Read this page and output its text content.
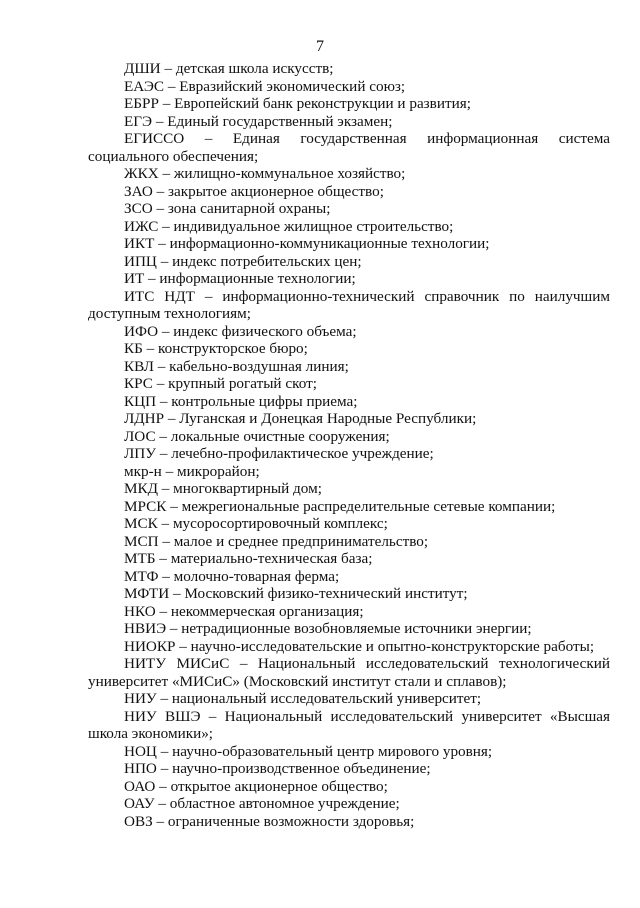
7

ДШИ – детская школа искусств;

ЕАЭС – Евразийский экономический союз;

ЕБРР – Европейский банк реконструкции и развития;

ЕГЭ – Единый государственный экзамен;

ЕГИССО – Единая государственная информационная система социального обеспечения;

ЖКХ – жилищно-коммунальное хозяйство;

ЗАО – закрытое акционерное общество;

ЗСО – зона санитарной охраны;

ИЖС – индивидуальное жилищное строительство;

ИКТ – информационно-коммуникационные технологии;

ИПЦ – индекс потребительских цен;

ИТ – информационные технологии;

ИТС НДТ – информационно-технический справочник по наилучшим доступным технологиям;

ИФО – индекс физического объема;

КБ – конструкторское бюро;

КВЛ – кабельно-воздушная линия;

КРС – крупный рогатый скот;

КЦП – контрольные цифры приема;

ЛДНР – Луганская и Донецкая Народные Республики;

ЛОС – локальные очистные сооружения;

ЛПУ – лечебно-профилактическое учреждение;

мкр-н – микрорайон;

МКД – многоквартирный дом;

МРСК – межрегиональные распределительные сетевые компании;

МСК – мусоросортировочный комплекс;

МСП – малое и среднее предпринимательство;

МТБ – материально-техническая база;

МТФ – молочно-товарная ферма;

МФТИ – Московский физико-технический институт;

НКО – некоммерческая организация;

НВИЭ – нетрадиционные возобновляемые источники энергии;

НИОКР – научно-исследовательские и опытно-конструкторские работы;

НИТУ МИСиС – Национальный исследовательский технологический университет «МИСиС» (Московский институт стали и сплавов);

НИУ – национальный исследовательский университет;

НИУ ВШЭ – Национальный исследовательский университет «Высшая школа экономики»;

НОЦ – научно-образовательный центр мирового уровня;

НПО – научно-производственное объединение;

ОАО – открытое акционерное общество;

ОАУ – областное автономное учреждение;

ОВЗ – ограниченные возможности здоровья;
